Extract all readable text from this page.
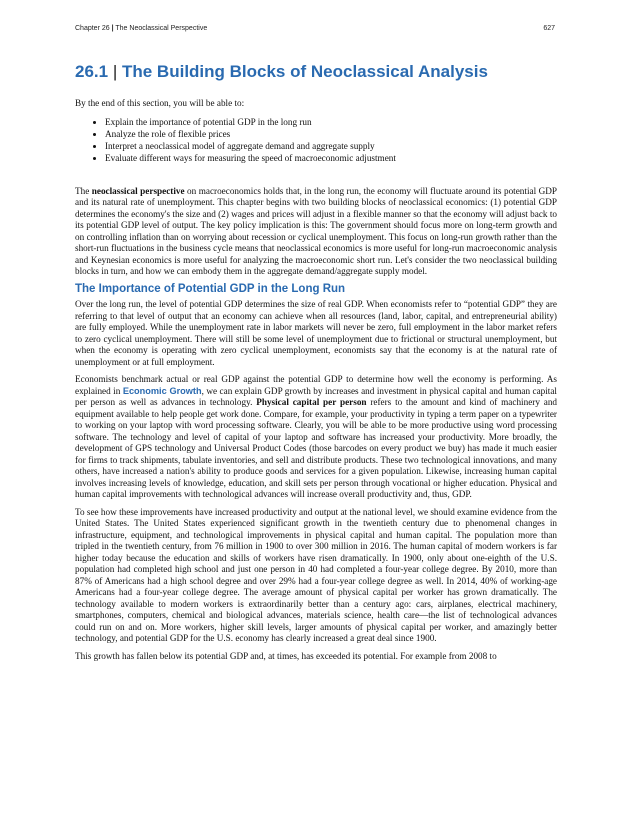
Chapter 26 | The Neoclassical Perspective	627
26.1 | The Building Blocks of Neoclassical Analysis

By the end of this section, you will be able to:

• Explain the importance of potential GDP in the long run
• Analyze the role of flexible prices
• Interpret a neoclassical model of aggregate demand and aggregate supply
• Evaluate different ways for measuring the speed of macroeconomic adjustment

The neoclassical perspective on macroeconomics holds that, in the long run, the economy will fluctuate around its potential GDP and its natural rate of unemployment. This chapter begins with two building blocks of neoclassical economics: (1) potential GDP determines the economy's the size and (2) wages and prices will adjust in a flexible manner so that the economy will adjust back to its potential GDP level of output. The key policy implication is this: The government should focus more on long-term growth and on controlling inflation than on worrying about recession or cyclical unemployment. This focus on long-run growth rather than the short-run fluctuations in the business cycle means that neoclassical economics is more useful for long-run macroeconomic analysis and Keynesian economics is more useful for analyzing the macroeconomic short run. Let's consider the two neoclassical building blocks in turn, and how we can embody them in the aggregate demand/aggregate supply model.

The Importance of Potential GDP in the Long Run

Over the long run, the level of potential GDP determines the size of real GDP. When economists refer to “potential GDP” they are referring to that level of output that an economy can achieve when all resources (land, labor, capital, and entrepreneurial ability) are fully employed. While the unemployment rate in labor markets will never be zero, full employment in the labor market refers to zero cyclical unemployment. There will still be some level of unemployment due to frictional or structural unemployment, but when the economy is operating with zero cyclical unemployment, economists say that the economy is at the natural rate of unemployment or at full employment.

Economists benchmark actual or real GDP against the potential GDP to determine how well the economy is performing. As explained in Economic Growth, we can explain GDP growth by increases and investment in physical capital and human capital per person as well as advances in technology. Physical capital per person refers to the amount and kind of machinery and equipment available to help people get work done. Compare, for example, your productivity in typing a term paper on a typewriter to working on your laptop with word processing software. Clearly, you will be able to be more productive using word processing software. The technology and level of capital of your laptop and software has increased your productivity. More broadly, the development of GPS technology and Universal Product Codes (those barcodes on every product we buy) has made it much easier for firms to track shipments, tabulate inventories, and sell and distribute products. These two technological innovations, and many others, have increased a nation's ability to produce goods and services for a given population. Likewise, increasing human capital involves increasing levels of knowledge, education, and skill sets per person through vocational or higher education. Physical and human capital improvements with technological advances will increase overall productivity and, thus, GDP.

To see how these improvements have increased productivity and output at the national level, we should examine evidence from the United States. The United States experienced significant growth in the twentieth century due to phenomenal changes in infrastructure, equipment, and technological improvements in physical capital and human capital. The population more than tripled in the twentieth century, from 76 million in 1900 to over 300 million in 2016. The human capital of modern workers is far higher today because the education and skills of workers have risen dramatically. In 1900, only about one-eighth of the U.S. population had completed high school and just one person in 40 had completed a four-year college degree. By 2010, more than 87% of Americans had a high school degree and over 29% had a four-year college degree as well. In 2014, 40% of working-age Americans had a four-year college degree. The average amount of physical capital per worker has grown dramatically. The technology available to modern workers is extraordinarily better than a century ago: cars, airplanes, electrical machinery, smartphones, computers, chemical and biological advances, materials science, health care—the list of technological advances could run on and on. More workers, higher skill levels, larger amounts of physical capital per worker, and amazingly better technology, and potential GDP for the U.S. economy has clearly increased a great deal since 1900.

This growth has fallen below its potential GDP and, at times, has exceeded its potential. For example from 2008 to
